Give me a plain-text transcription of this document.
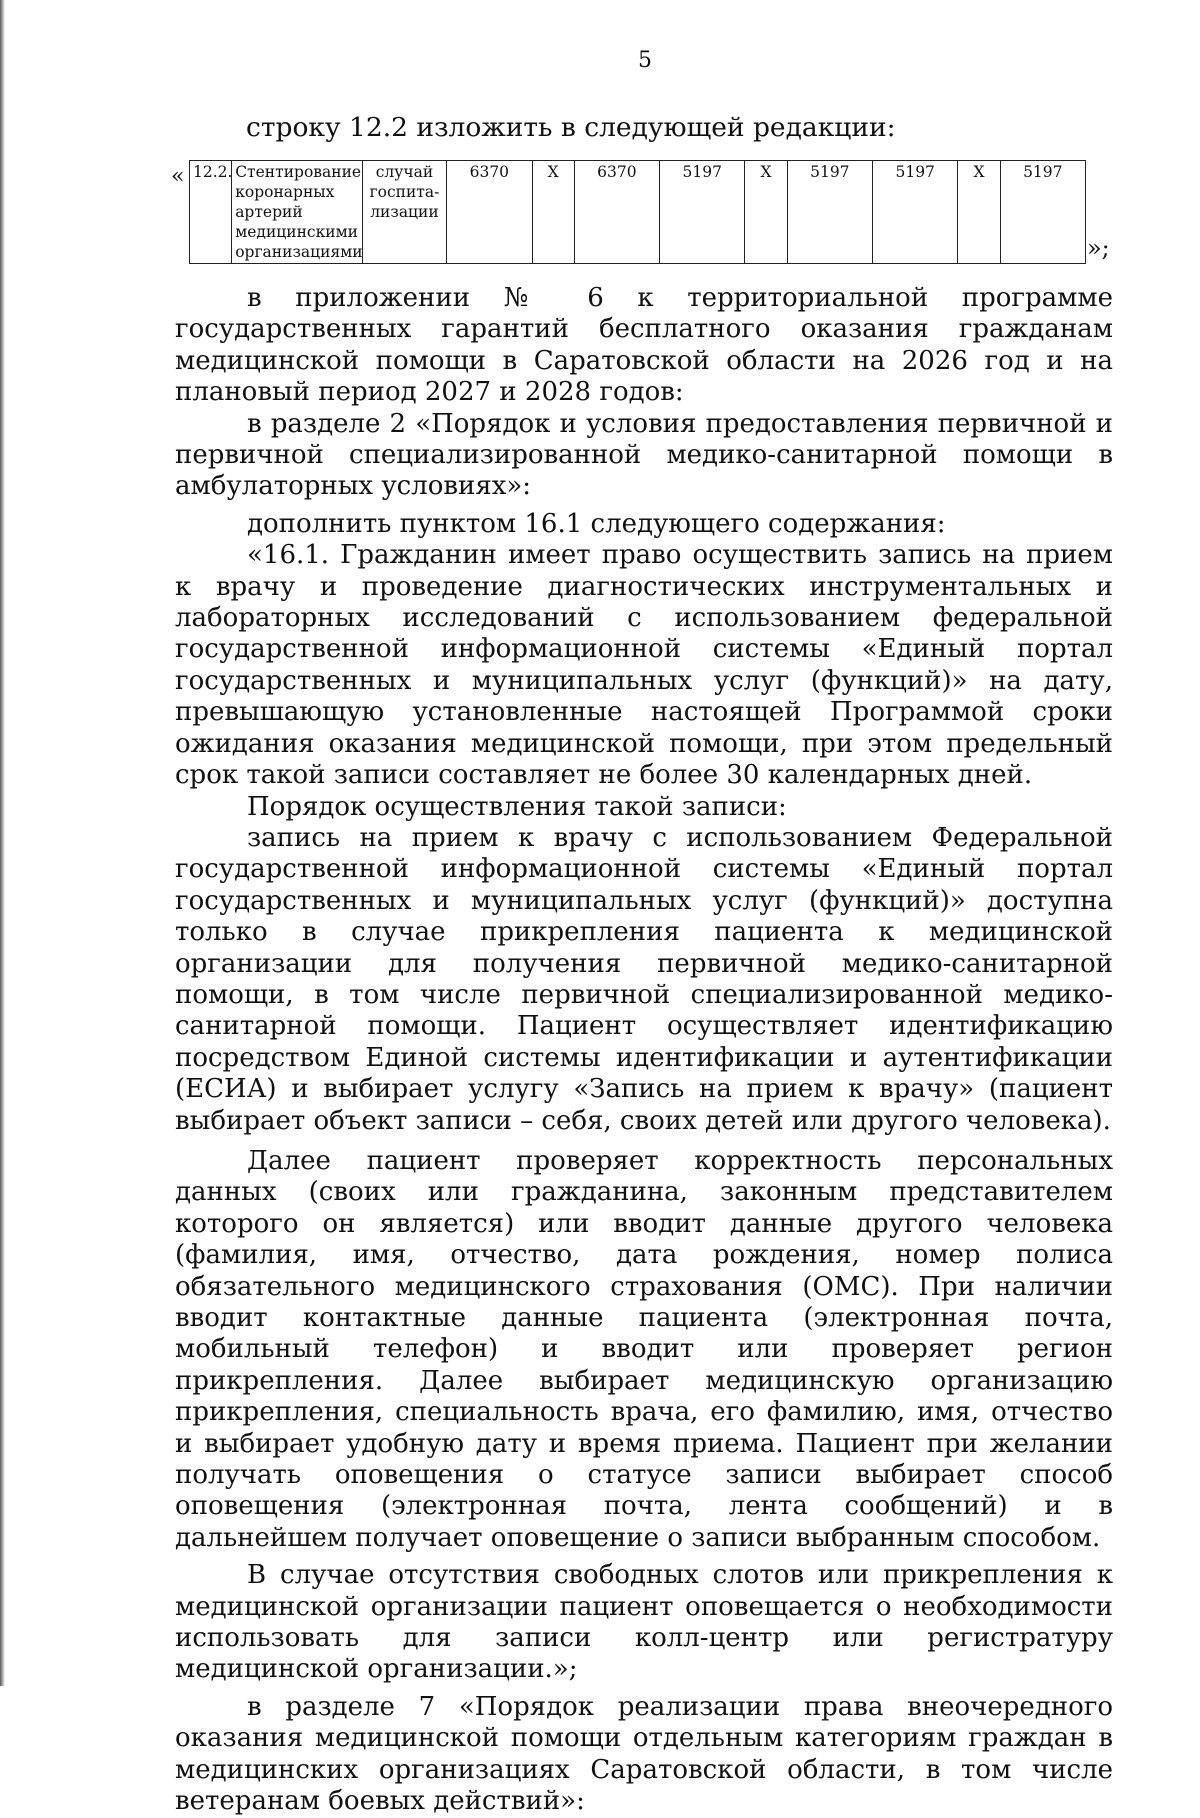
5
строку 12.2 изложить в следующей редакции:
« 12.2.	Стентирование коронарных артерий медицинскими организациями	случай госпита-лизации	6370	Х	6370	5197	Х	5197	5197	Х	5197
»;

в приложении № 6 к территориальной программе государственных гарантий бесплатного оказания гражданам медицинской помощи в Саратовской области на 2026 год и на плановый период 2027 и 2028 годов:

в разделе 2 «Порядок и условия предоставления первичной и первичной специализированной медико-санитарной помощи в амбулаторных условиях»:

дополнить пунктом 16.1 следующего содержания:

«16.1. Гражданин имеет право осуществить запись на прием к врачу и проведение диагностических инструментальных и лабораторных исследований с использованием федеральной государственной информационной системы «Единый портал государственных и муниципальных услуг (функций)» на дату, превышающую установленные настоящей Программой сроки ожидания оказания медицинской помощи, при этом предельный срок такой записи составляет не более 30 календарных дней.

Порядок осуществления такой записи:

запись на прием к врачу с использованием Федеральной государственной информационной системы «Единый портал государственных и муниципальных услуг (функций)» доступна только в случае прикрепления пациента к медицинской организации для получения первичной медико-санитарной помощи, в том числе первичной специализированной медико-санитарной помощи. Пациент осуществляет идентификацию посредством Единой системы идентификации и аутентификации (ЕСИА) и выбирает услугу «Запись на прием к врачу» (пациент выбирает объект записи – себя, своих детей или другого человека).

Далее пациент проверяет корректность персональных данных (своих или гражданина, законным представителем которого он является) или вводит данные другого человека (фамилия, имя, отчество, дата рождения, номер полиса обязательного медицинского страхования (ОМС). При наличии вводит контактные данные пациента (электронная почта, мобильный телефон) и вводит или проверяет регион прикрепления. Далее выбирает медицинскую организацию прикрепления, специальность врача, его фамилию, имя, отчество и выбирает удобную дату и время приема. Пациент при желании получать оповещения о статусе записи выбирает способ оповещения (электронная почта, лента сообщений) и в дальнейшем получает оповещение о записи выбранным способом.

В случае отсутствия свободных слотов или прикрепления к медицинской организации пациент оповещается о необходимости использовать для записи колл-центр или регистратуру медицинской организации.»;

в разделе 7 «Порядок реализации права внеочередного оказания медицинской помощи отдельным категориям граждан в медицинских организациях Саратовской области, в том числе ветеранам боевых действий»:
